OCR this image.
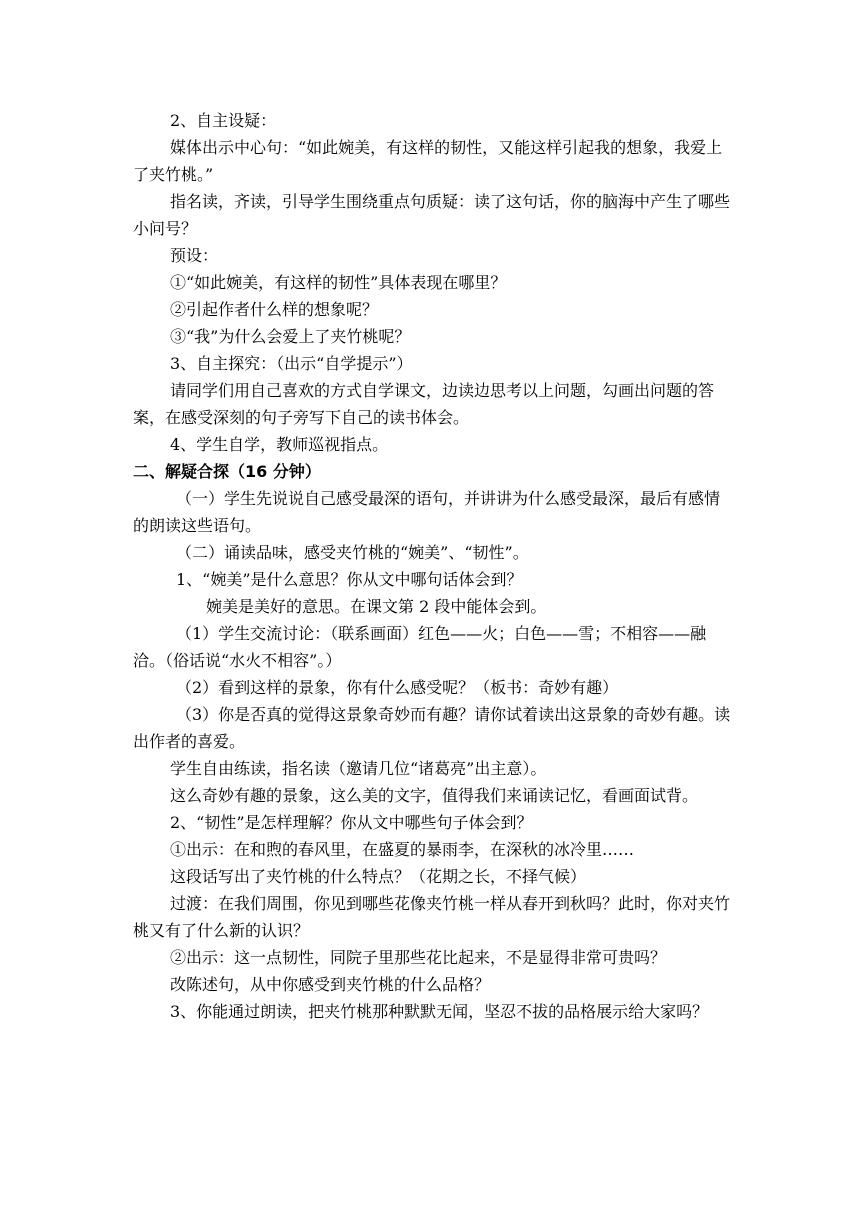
2、自主设疑：

媒体出示中心句：“如此婉美，有这样的韧性，又能这样引起我的想象，我爱上了夹竹桃。”

指名读，齐读，引导学生围绕重点句质疑：读了这句话，你的脑海中产生了哪些小问号？

预设：

①“如此婉美，有这样的韧性”具体表现在哪里？

②引起作者什么样的想象呢？

③“我”为什么会爱上了夹竹桃呢？

3、自主探究：（出示“自学提示”）

请同学们用自己喜欢的方式自学课文，边读边思考以上问题，勾画出问题的答案，在感受深刻的句子旁写下自己的读书体会。

4、学生自学，教师巡视指点。

二、解疑合探（16 分钟）

（一）学生先说说自己感受最深的语句，并讲讲为什么感受最深，最后有感情的朗读这些语句。

（二）诵读品味，感受夹竹桃的“婉美”、“韧性”。

1、“婉美”是什么意思？你从文中哪句话体会到？

婉美是美好的意思。在课文第 2 段中能体会到。

（1）学生交流讨论：（联系画面）红色——火；白色——雪；不相容——融洽。（俗话说“水火不相容”。）

（2）看到这样的景象，你有什么感受呢？（板书：奇妙有趣）

（3）你是否真的觉得这景象奇妙而有趣？请你试着读出这景象的奇妙有趣。读出作者的喜爱。

学生自由练读，指名读（邀请几位“诸葛亮”出主意）。

这么奇妙有趣的景象，这么美的文字，值得我们来诵读记忆，看画面试背。

2、“韧性”是怎样理解？你从文中哪些句子体会到？

①出示：在和煦的春风里，在盛夏的暴雨李，在深秋的冰冷里……

这段话写出了夹竹桃的什么特点？（花期之长，不择气候）

过渡：在我们周围，你见到哪些花像夹竹桃一样从春开到秋吗？此时，你对夹竹桃又有了什么新的认识？

②出示：这一点韧性，同院子里那些花比起来，不是显得非常可贵吗？

改陈述句，从中你感受到夹竹桃的什么品格？

3、你能通过朗读，把夹竹桃那种默默无闻，坚忍不拔的品格展示给大家吗？
